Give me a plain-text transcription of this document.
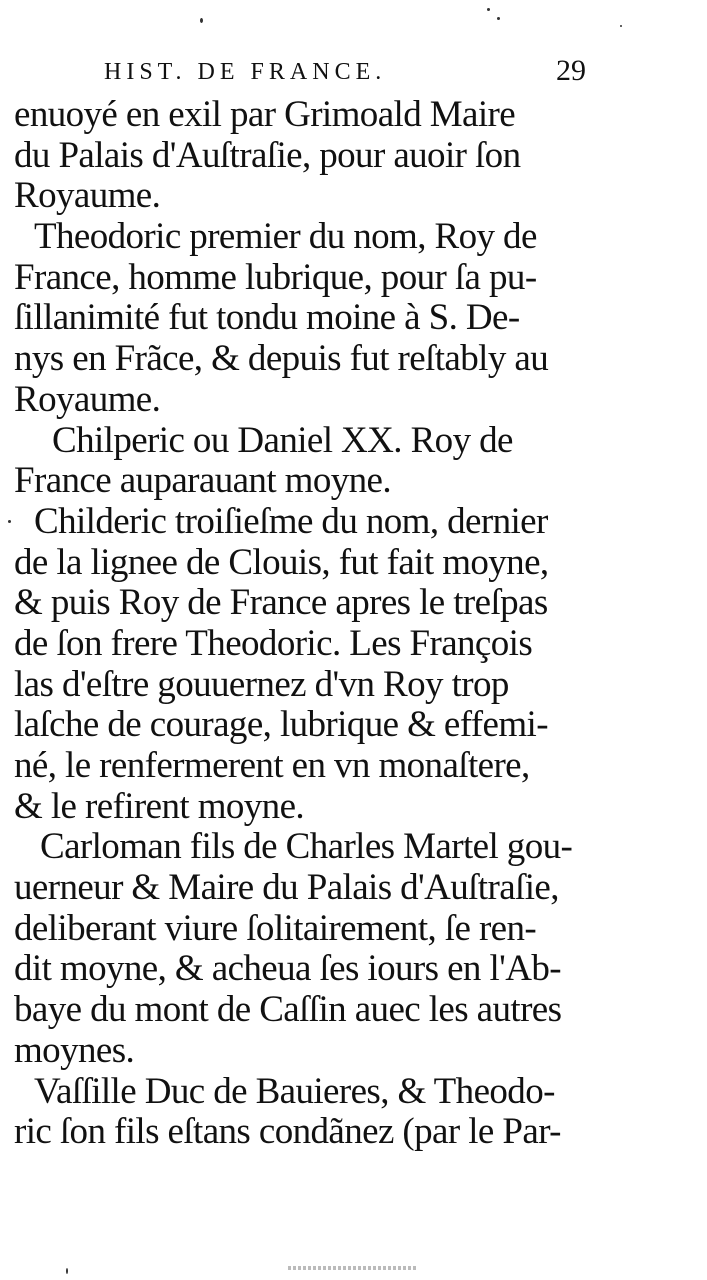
HIST. DE FRANCE.	29
enuoyé en exil par Grimoald Maire
du Palais d'Auſtraſie, pour auoir ſon
Royaume.
Theodoric premier du nom, Roy de
France, homme lubrique, pour ſa pu-
ſillanimité fut tondu moine à S. De-
nys en Frãce, & depuis fut reſtably au
Royaume.
Chilperic ou Daniel XX. Roy de
France auparauant moyne.
Childeric troiſieſme du nom, dernier
de la lignee de Clouis, fut fait moyne,
& puis Roy de France apres le treſpas
de ſon frere Theodoric. Les François
las d'eſtre gouuernez d'vn Roy trop
laſche de courage, lubrique & effemi-
né, le renfermerent en vn monaſtere,
& le refirent moyne.
Carloman fils de Charles Martel gou-
uerneur & Maire du Palais d'Auſtraſie,
deliberant viure ſolitairement, ſe ren-
dit moyne, & acheua ſes iours en l'Ab-
baye du mont de Caſſin auec les autres
moynes.
Vaſſille Duc de Bauieres, & Theodo-
ric ſon fils eſtans condãnez (par le Par-
